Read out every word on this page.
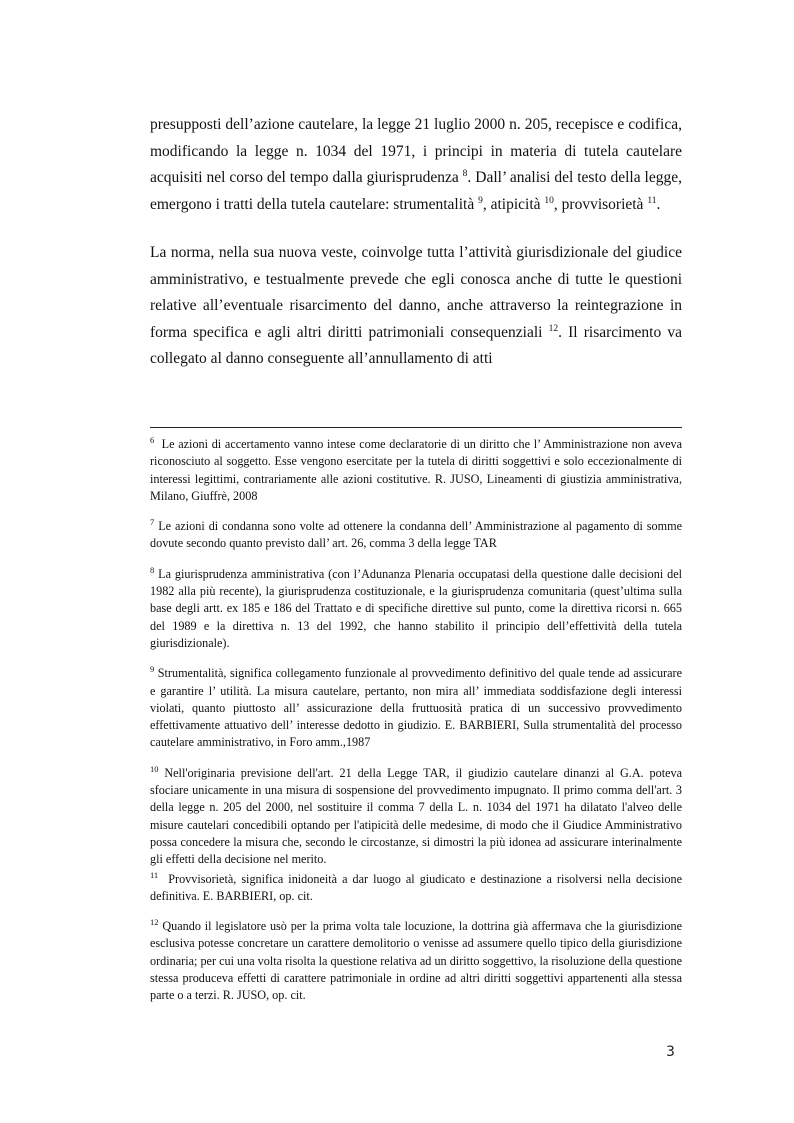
presupposti dell’azione cautelare, la legge 21 luglio 2000 n. 205, recepisce e codifica, modificando la legge n. 1034 del 1971, i principi in materia di tutela cautelare acquisiti nel corso del tempo dalla giurisprudenza $^8$. Dall’ analisi del testo della legge, emergono i tratti della tutela cautelare: strumentalità $^9$, atipicità $^{10}$, provvisorietà $^{11}$.

La norma, nella sua nuova veste, coinvolge tutta l’attività giurisdizionale del giudice amministrativo, e testualmente prevede che egli conosca anche di tutte le questioni relative all’eventuale risarcimento del danno, anche attraverso la reintegrazione in forma specifica e agli altri diritti patrimoniali consequenziali $^{12}$. Il risarcimento va collegato al danno conseguente all’annullamento di atti

$^6$ Le azioni di accertamento vanno intese come declaratorie di un diritto che l’ Amministrazione non aveva riconosciuto al soggetto. Esse vengono esercitate per la tutela di diritti soggettivi e solo eccezionalmente di interessi legittimi, contrariamente alle azioni costitutive. R. JUSO, Lineamenti di giustizia amministrativa, Milano, Giuffrè, 2008

$^7$ Le azioni di condanna sono volte ad ottenere la condanna dell’ Amministrazione al pagamento di somme dovute secondo quanto previsto dall’ art. 26, comma 3 della legge TAR

$^8$ La giurisprudenza amministrativa (con l’Adunanza Plenaria occupatasi della questione dalle decisioni del 1982 alla più recente), la giurisprudenza costituzionale, e la giurisprudenza comunitaria (quest’ultima sulla base degli artt. ex 185 e 186 del Trattato e di specifiche direttive sul punto, come la direttiva ricorsi n. 665 del 1989 e la direttiva n. 13 del 1992, che hanno stabilito il principio dell’effettività della tutela giurisdizionale).

$^9$ Strumentalità, significa collegamento funzionale al provvedimento definitivo del quale tende ad assicurare e garantire l’ utilità. La misura cautelare, pertanto, non mira all’ immediata soddisfazione degli interessi violati, quanto piuttosto all’ assicurazione della fruttuosità pratica di un successivo provvedimento effettivamente attuativo dell’ interesse dedotto in giudizio. E. BARBIERI, Sulla strumentalità del processo cautelare amministrativo, in Foro amm.,1987

$^{10}$ Nell'originaria previsione dell'art. 21 della Legge TAR, il giudizio cautelare dinanzi al G.A. poteva sfociare unicamente in una misura di sospensione del provvedimento impugnato. Il primo comma dell'art. 3 della legge n. 205 del 2000, nel sostituire il comma 7 della L. n. 1034 del 1971 ha dilatato l'alveo delle misure cautelari concedibili optando per l'atipicità delle medesime, di modo che il Giudice Amministrativo possa concedere la misura che, secondo le circostanze, si dimostri la più idonea ad assicurare interinalmente gli effetti della decisione nel merito.

$^{11}$ Provvisorietà, significa inidoneità a dar luogo al giudicato e destinazione a risolversi nella decisione definitiva. E. BARBIERI, op. cit.

$^{12}$ Quando il legislatore usò per la prima volta tale locuzione, la dottrina già affermava che la giurisdizione esclusiva potesse concretare un carattere demolitorio o venisse ad assumere quello tipico della giurisdizione ordinaria; per cui una volta risolta la questione relativa ad un diritto soggettivo, la risoluzione della questione stessa produceva effetti di carattere patrimoniale in ordine ad altri diritti soggettivi appartenenti alla stessa parte o a terzi. R. JUSO, op. cit.

3
